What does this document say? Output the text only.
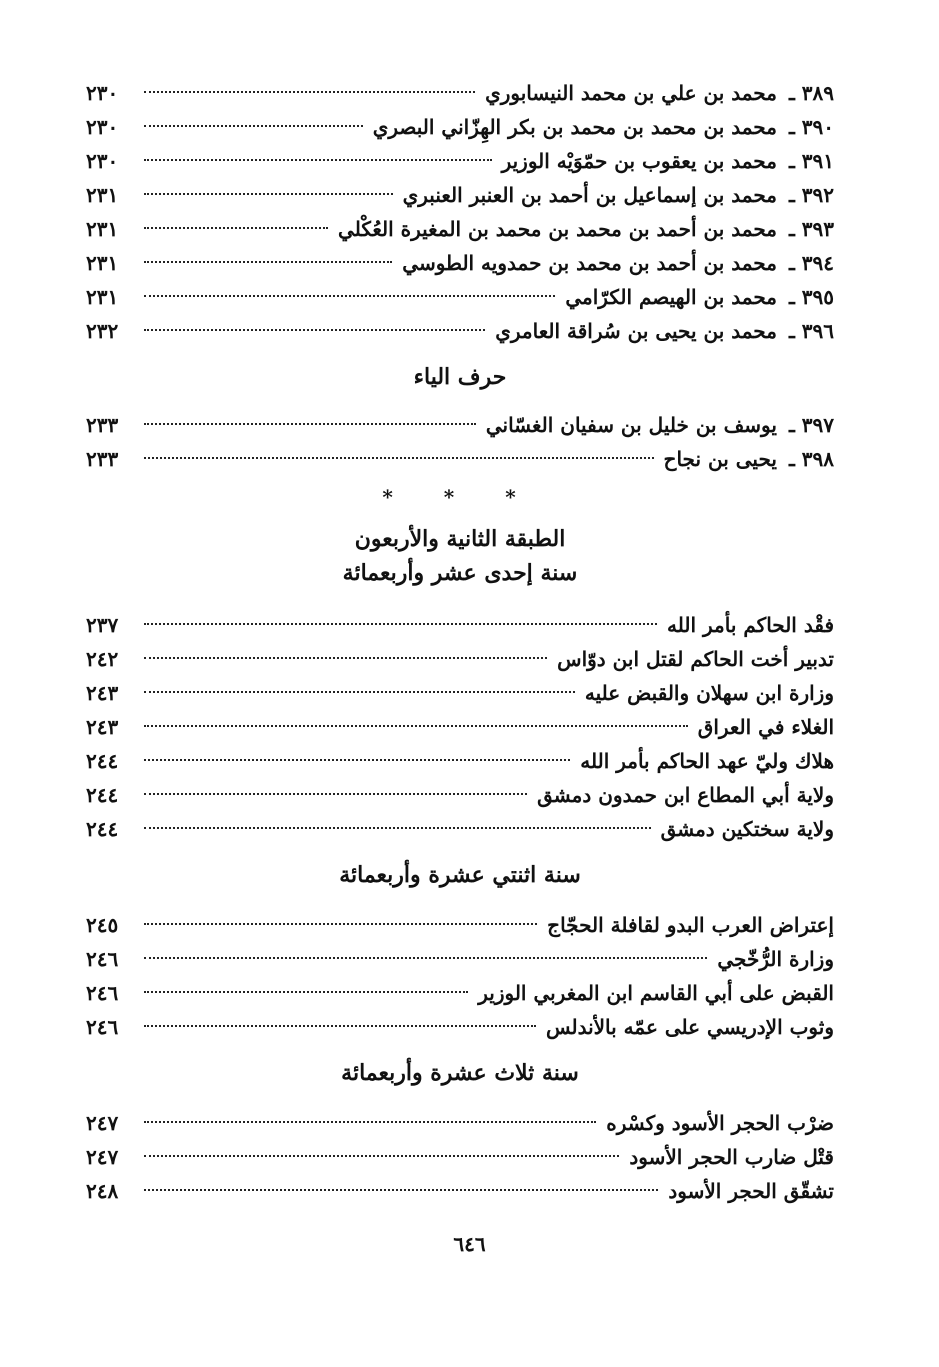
٣٨٩ ـ
محمد بن علي بن محمد النيسابوري
٢٣٠
٣٩٠ ـ
محمد بن محمد بن محمد بن بكر الهِزّاني البصري
٢٣٠
٣٩١ ـ
محمد بن يعقوب بن حمّوَيْه الوزير
٢٣٠
٣٩٢ ـ
محمد بن إسماعيل بن أحمد بن العنبر العنبري
٢٣١
٣٩٣ ـ
محمد بن أحمد بن محمد بن محمد بن المغيرة العُكْلي
٢٣١
٣٩٤ ـ
محمد بن أحمد بن محمد بن حمدويه الطوسي
٢٣١
٣٩٥ ـ
محمد بن الهيصم الكرّامي
٢٣١
٣٩٦ ـ
محمد بن يحيى بن سُراقة العامري
٢٣٢
حرف الياء
٣٩٧ ـ
يوسف بن خليل بن سفيان الغسّاني
٢٣٣
٣٩٨ ـ
يحيى بن نجاح
٢٣٣
* * *
الطبقة الثانية والأربعون
سنة إحدى عشر وأربعمائة
فقْد الحاكم بأمر الله
٢٣٧
تدبير أخت الحاكم لقتل ابن دوّاس
٢٤٢
وزارة ابن سهلان والقبض عليه
٢٤٣
الغلاء في العراق
٢٤٣
هلاك وليّ عهد الحاكم بأمر الله
٢٤٤
ولاية أبي المطاع ابن حمدون دمشق
٢٤٤
ولاية سختكين دمشق
٢٤٤
سنة اثنتي عشرة وأربعمائة
إعتراض العرب البدو لقافلة الحجّاج
٢٤٥
وزارة الرُّخّجي
٢٤٦
القبض على أبي القاسم ابن المغربي الوزير
٢٤٦
وثوب الإدريسي على عمّه بالأندلس
٢٤٦
سنة ثلاث عشرة وأربعمائة
ضرْب الحجر الأسود وكسْره
٢٤٧
قتْل ضارب الحجر الأسود
٢٤٧
تشقّق الحجر الأسود
٢٤٨
٦٤٦
